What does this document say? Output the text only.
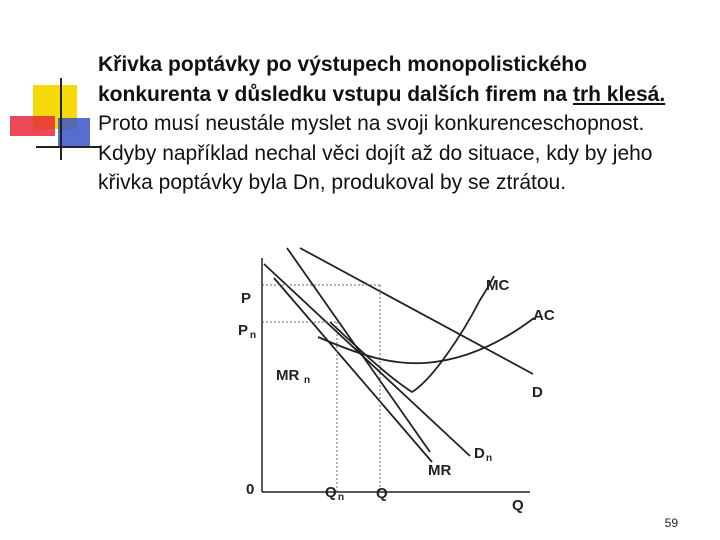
Křivka poptávky po výstupech monopolistického konkurenta v důsledku vstupu dalších firem na trh klesá. Proto musí neustále myslet na svoji konkurenceschopnost. Kdyby například nechal věci dojít až do situace, kdy by jeho křivka poptávky byla Dn, produkoval by se ztrátou.
P
P n
0
Q
Q n Q
MC
AC
D
D n
MR
MR n
59
